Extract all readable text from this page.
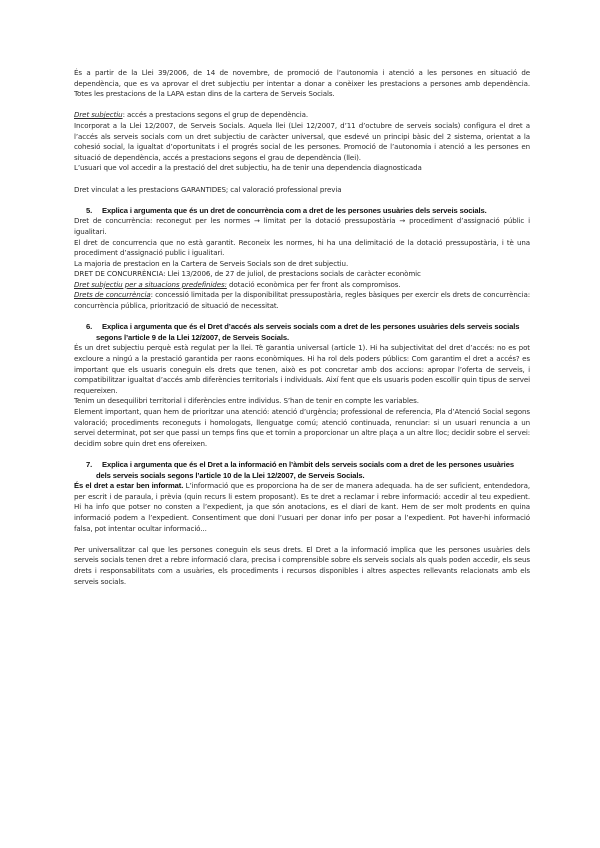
És a partir de la Llei 39/2006, de 14 de novembre, de promoció de l’autonomia i atenció a les persones en situació de dependència, que es va aprovar el dret subjectiu per intentar a donar a conèixer les prestacions a persones amb dependència. Totes les prestacions de la LAPA estan dins de la cartera de Serveis Socials.

Dret subjectiu: accés a prestacions segons el grup de dependència.

Incorporat a la Llei 12/2007, de Serveis Socials. Aquela llei (Llei 12/2007, d’11 d’octubre de serveis socials) configura el dret a l’accés als serveis socials com un dret subjectiu de caràcter universal, que esdevé un principi bàsic del 2 sistema, orientat a la cohesió social, la igualtat d’oportunitats i el progrés social de les persones. Promoció de l’autonomia i atenció a les persones en situació de dependència, accés a prestacions segons el grau de dependència (llei).

L’usuari que vol accedir a la prestació del dret subjectiu, ha de tenir una dependencia diagnosticada

Dret vinculat a les prestacions GARANTIDES; cal valoració professional previa

5. Explica i argumenta que és un dret de concurrència com a dret de les persones usuàries dels serveis socials.

Dret de concurrència: reconegut per les normes → limitat per la dotació pressupostària → procediment d’assignació públic i igualitari.

El dret de concurrencia que no està garantit. Reconeix les normes, hi ha una delimitació de la dotació pressupostària, i tè una procediment d’assignació public i igualitari.

La majoria de prestacion en la Cartera de Serveis Socials son de dret subjectiu.

DRET DE CONCURRÈNCIA: Llei 13/2006, de 27 de juliol, de prestacions socials de caràcter econòmic

Dret subjectiu per a situacions predefinides: dotació econòmica per fer front als compromisos.

Drets de concurrència: concessió limitada per la disponibilitat pressupostària, regles bàsiques per exercir els drets de concurrència: concurrència pública, priorització de situació de necessitat.

6. Explica i argumenta que és el Dret d’accés als serveis socials com a dret de les persones usuàries dels serveis socials segons l’article 9 de la Llei 12/2007, de Serveis Socials.

És un dret subjectiu perquè està regulat per la llei. Tè garantia universal (article 1). Hi ha subjectivitat del dret d’accés: no es pot excloure a ningú a la prestació garantida per raons econòmiques. Hi ha rol dels poders públics: Com garantim el dret a accés? es important que els usuaris coneguin els drets que tenen, això es pot concretar amb dos accions: apropar l’oferta de serveis, i compatibilitzar igualtat d’accés amb diferències territorials i individuals. Així fent que els usuaris poden escollir quin tipus de servei requereixen.

Tenim un desequilibri territorial i diferències entre individus. S’han de tenir en compte les variables.

Element important, quan hem de prioritzar una atenció: atenció d’urgència; professional de referencia, Pla d’Atenció Social segons valoració; procediments reconeguts i homologats, llenguatge comú; atenció continuada, renunciar: si un usuari renuncia a un servei determinat, pot ser que passi un temps fins que et tornin a proporcionar un altre plaça a un altre lloc; decidir sobre el servei: decidim sobre quin dret ens ofereixen.

7. Explica i argumenta que és el Dret a la informació en l’àmbit dels serveis socials com a dret de les persones usuàries dels serveis socials segons l’article 10 de la Llei 12/2007, de Serveis Socials.

És el dret a estar ben informat. L’informació que es proporciona ha de ser de manera adequada. ha de ser suficient, entendedora, per escrit i de paraula, i prèvia (quin recurs li estem proposant). Es te dret a reclamar i rebre informació: accedir al teu expedient. Hi ha info que potser no consten a l’expedient, ja que són anotacions, es el diari de kant. Hem de ser molt prodents en quina informació podem a l’expedient. Consentiment que doni l’usuari per donar info per posar a l’expedient. Pot haver-hi informació falsa, pot intentar ocultar informació...

Per universalitzar cal que les persones coneguin els seus drets. El Dret a la informació implica que les persones usuàries dels serveis socials tenen dret a rebre informació clara, precisa i comprensible sobre els serveis socials als quals poden accedir, els seus drets i responsabilitats com a usuàries, els procediments i recursos disponibles i altres aspectes rellevants relacionats amb els serveis socials.
